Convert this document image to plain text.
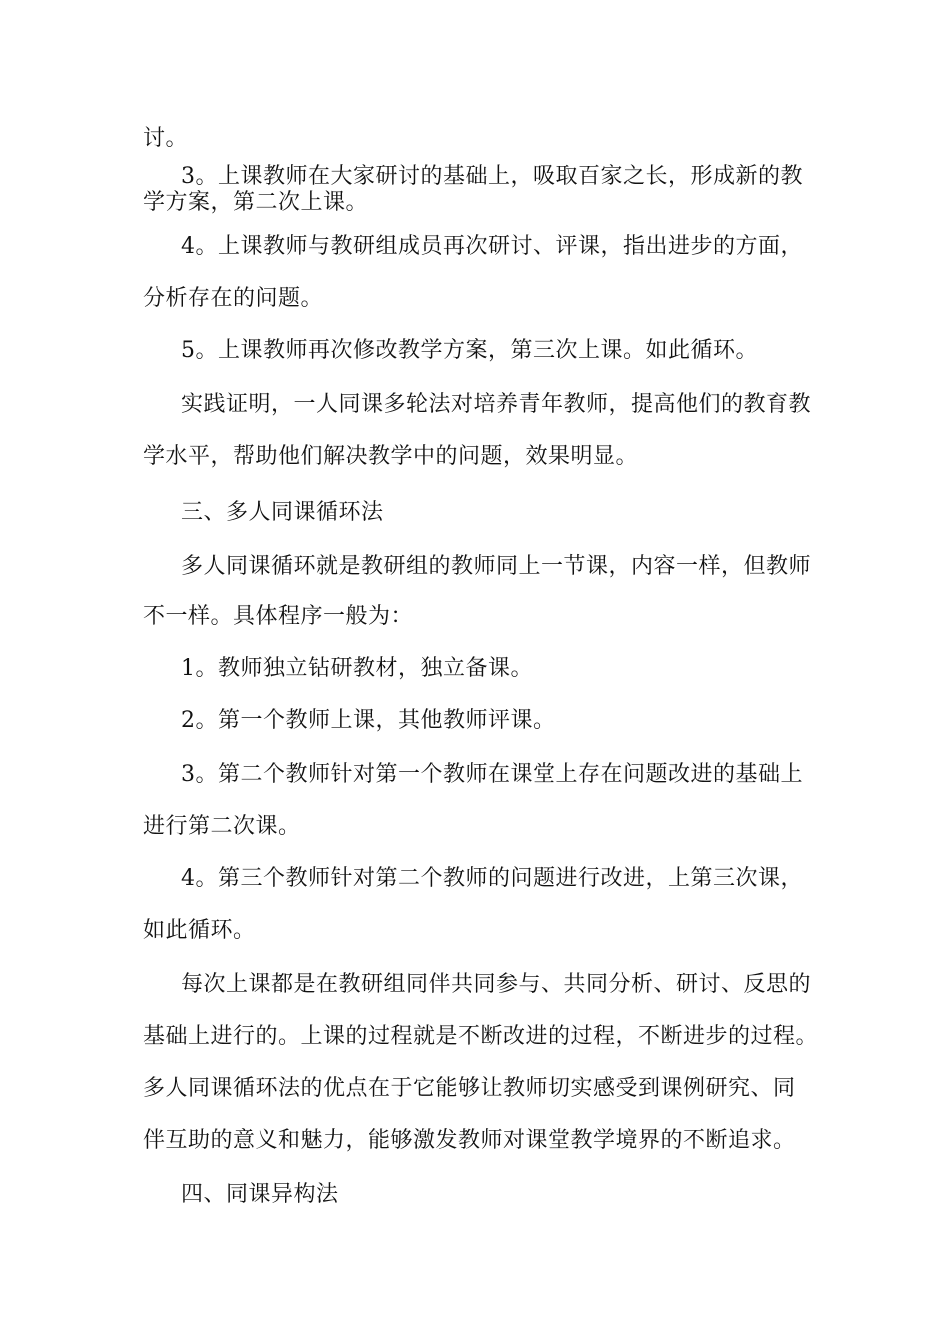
讨。
3。上课教师在大家研讨的基础上，吸取百家之长，形成新的教
学方案，第二次上课。
4。上课教师与教研组成员再次研讨、评课，指出进步的方面，
分析存在的问题。
5。上课教师再次修改教学方案，第三次上课。如此循环。
实践证明，一人同课多轮法对培养青年教师，提高他们的教育教
学水平，帮助他们解决教学中的问题，效果明显。
三、多人同课循环法
多人同课循环就是教研组的教师同上一节课，内容一样，但教师
不一样。具体程序一般为：
1。教师独立钻研教材，独立备课。
2。第一个教师上课，其他教师评课。
3。第二个教师针对第一个教师在课堂上存在问题改进的基础上
进行第二次课。
4。第三个教师针对第二个教师的问题进行改进，上第三次课，
如此循环。
每次上课都是在教研组同伴共同参与、共同分析、研讨、反思的
基础上进行的。上课的过程就是不断改进的过程，不断进步的过程。
多人同课循环法的优点在于它能够让教师切实感受到课例研究、同
伴互助的意义和魅力，能够激发教师对课堂教学境界的不断追求。
四、同课异构法
